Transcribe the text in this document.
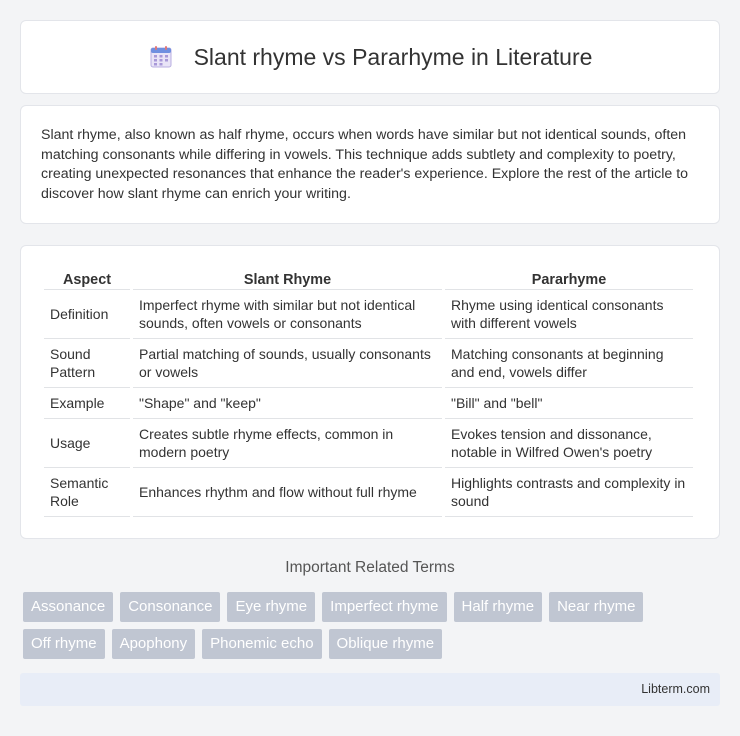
Slant rhyme vs Pararhyme in Literature

Slant rhyme, also known as half rhyme, occurs when words have similar but not identical sounds, often matching consonants while differing in vowels. This technique adds subtlety and complexity to poetry, creating unexpected resonances that enhance the reader's experience. Explore the rest of the article to discover how slant rhyme can enrich your writing.

Aspect	Slant Rhyme	Pararhyme
Definition	Imperfect rhyme with similar but not identical sounds, often vowels or consonants	Rhyme using identical consonants with different vowels
Sound Pattern	Partial matching of sounds, usually consonants or vowels	Matching consonants at beginning and end, vowels differ
Example	"Shape" and "keep"	"Bill" and "bell"
Usage	Creates subtle rhyme effects, common in modern poetry	Evokes tension and dissonance, notable in Wilfred Owen's poetry
Semantic Role	Enhances rhythm and flow without full rhyme	Highlights contrasts and complexity in sound
Important Related Terms
Assonance	Consonance	Eye rhyme	Imperfect rhyme	Half rhyme	Near rhyme
Off rhyme	Apophony	Phonemic echo	Oblique rhyme
Libterm.com
